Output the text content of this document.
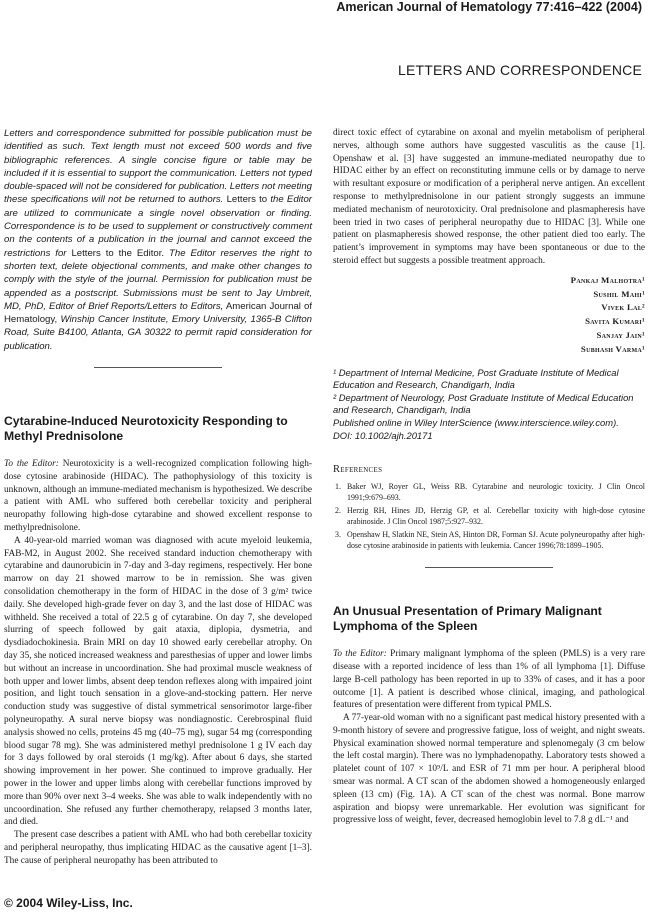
American Journal of Hematology 77:416–422 (2004)
LETTERS AND CORRESPONDENCE

Letters and correspondence submitted for possible publication must be identified as such. Text length must not exceed 500 words and five bibliographic references. A single concise figure or table may be included if it is essential to support the communication. Letters not typed double-spaced will not be considered for publication. Letters not meeting these specifications will not be returned to authors. Letters to the Editor are utilized to communicate a single novel observation or finding. Correspondence is to be used to supplement or constructively comment on the contents of a publication in the journal and cannot exceed the restrictions for Letters to the Editor. The Editor reserves the right to shorten text, delete objectional comments, and make other changes to comply with the style of the journal. Permission for publication must be appended as a postscript. Submissions must be sent to Jay Umbreit, MD, PhD, Editor of Brief Reports/Letters to Editors, American Journal of Hematology, Winship Cancer Institute, Emory University, 1365-B Clifton Road, Suite B4100, Atlanta, GA 30322 to permit rapid consideration for publication.

Cytarabine-Induced Neurotoxicity Responding to Methyl Prednisolone

To the Editor: Neurotoxicity is a well-recognized complication following high-dose cytosine arabinoside (HIDAC). The pathophysiology of this toxicity is unknown, although an immune-mediated mechanism is hypothesized. We describe a patient with AML who suffered both cerebellar toxicity and peripheral neuropathy following high-dose cytarabine and showed excellent response to methylprednisolone.

A 40-year-old married woman was diagnosed with acute myeloid leukemia, FAB-M2, in August 2002. She received standard induction chemotherapy with cytarabine and daunorubicin in 7-day and 3-day regimens, respectively. Her bone marrow on day 21 showed marrow to be in remission. She was given consolidation chemotherapy in the form of HIDAC in the dose of 3 g/m² twice daily. She developed high-grade fever on day 3, and the last dose of HIDAC was withheld. She received a total of 22.5 g of cytarabine. On day 7, she developed slurring of speech followed by gait ataxia, diplopia, dysmetria, and dysdiadochokinesia. Brain MRI on day 10 showed early cerebellar atrophy. On day 35, she noticed increased weakness and paresthesias of upper and lower limbs but without an increase in uncoordination. She had proximal muscle weakness of both upper and lower limbs, absent deep tendon reflexes along with impaired joint position, and light touch sensation in a glove-and-stocking pattern. Her nerve conduction study was suggestive of distal symmetrical sensorimotor large-fiber polyneuropathy. A sural nerve biopsy was nondiagnostic. Cerebrospinal fluid analysis showed no cells, proteins 45 mg (40–75 mg), sugar 54 mg (corresponding blood sugar 78 mg). She was administered methyl prednisolone 1 g IV each day for 3 days followed by oral steroids (1 mg/kg). After about 6 days, she started showing improvement in her power. She continued to improve gradually. Her power in the lower and upper limbs along with cerebellar functions improved by more than 90% over next 3–4 weeks. She was able to walk independently with no uncoordination. She refused any further chemotherapy, relapsed 3 months later, and died.

The present case describes a patient with AML who had both cerebellar toxicity and peripheral neuropathy, thus implicating HIDAC as the causative agent [1–3]. The cause of peripheral neuropathy has been attributed to

direct toxic effect of cytarabine on axonal and myelin metabolism of peripheral nerves, although some authors have suggested vasculitis as the cause [1]. Openshaw et al. [3] have suggested an immune-mediated neuropathy due to HIDAC either by an effect on reconstituting immune cells or by damage to nerve with resultant exposure or modification of a peripheral nerve antigen. An excellent response to methylprednisolone in our patient strongly suggests an immune mediated mechanism of neurotoxicity. Oral prednisolone and plasmapheresis have been tried in two cases of peripheral neuropathy due to HIDAC [3]. While one patient on plasmapheresis showed response, the other patient died too early. The patient’s improvement in symptoms may have been spontaneous or due to the steroid effect but suggests a possible treatment approach.

Pankaj Malhotra¹
Sushil Mahi¹
Vivek Lal²
Savita Kumari¹
Sanjay Jain¹
Subhash Varma¹

¹ Department of Internal Medicine, Post Graduate Institute of Medical Education and Research, Chandigarh, India

² Department of Neurology, Post Graduate Institute of Medical Education and Research, Chandigarh, India

Published online in Wiley InterScience (www.interscience.wiley.com).

DOI: 10.1002/ajh.20171

References

1. Baker WJ, Royer GL, Weiss RB. Cytarabine and neurologic toxicity. J Clin Oncol 1991;9:679–693.
2. Herzig RH, Hines JD, Herzig GP, et al. Cerebellar toxicity with high-dose cytosine arabinoside. J Clin Oncol 1987;5:927–932.
3. Openshaw H, Slatkin NE, Stein AS, Hinton DR, Forman SJ. Acute polyneuropathy after high-dose cytosine arabinoside in patients with leukemia. Cancer 1996;78:1899–1905.
An Unusual Presentation of Primary Malignant Lymphoma of the Spleen

To the Editor: Primary malignant lymphoma of the spleen (PMLS) is a very rare disease with a reported incidence of less than 1% of all lymphoma [1]. Diffuse large B-cell pathology has been reported in up to 33% of cases, and it has a poor outcome [1]. A patient is described whose clinical, imaging, and pathological features of presentation were different from typical PMLS.

A 77-year-old woman with no a significant past medical history presented with a 9-month history of severe and progressive fatigue, loss of weight, and night sweats. Physical examination showed normal temperature and splenomegaly (3 cm below the left costal margin). There was no lymphadenopathy. Laboratory tests showed a platelet count of 107 × 10⁹/L and ESR of 71 mm per hour. A peripheral blood smear was normal. A CT scan of the abdomen showed a homogeneously enlarged spleen (13 cm) (Fig. 1A). A CT scan of the chest was normal. Bone marrow aspiration and biopsy were unremarkable. Her evolution was significant for progressive loss of weight, fever, decreased hemoglobin level to 7.8 g dL⁻¹ and

© 2004 Wiley-Liss, Inc.
